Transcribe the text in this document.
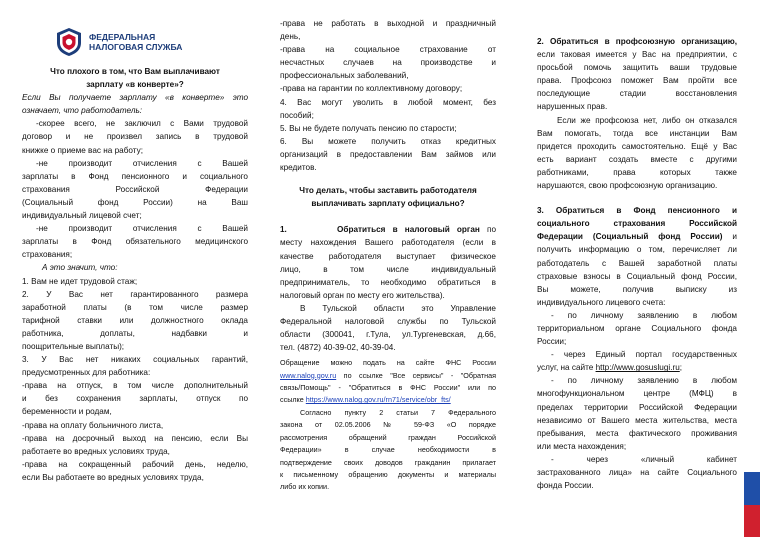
ФЕДЕРАЛЬНАЯ
НАЛОГОВАЯ СЛУЖБА
Что плохого в том, что Вам выплачивают
зарплату «в конверте»?
Если Вы получаете зарплату «в конверте» это
означает, что работодатель:
-скорее всего, не заключил с Вами трудовой
договор и не произвел запись в трудовой
книжке о приеме вас на работу;
-не производит отчисления с Вашей
зарплаты в Фонд пенсионного и социального
страхования Российской Федерации
(Социальный фонд России) на Ваш
индивидуальный лицевой счет;
-не производит отчисления с Вашей
зарплаты в Фонд обязательного медицинского
страхования;
А это значит, что:
1. Вам не идет трудовой стаж;
2. У Вас нет гарантированного размера
заработной платы (в том числе размер
тарифной ставки или должностного оклада
работника, доплаты, надбавки и
поощрительные выплаты);
3. У Вас нет никаких социальных гарантий,
предусмотренных для работника:
-права на отпуск, в том числе дополнительный
и без сохранения зарплаты, отпуск по
беременности и родам,
-права на оплату больничного листа,
-права на досрочный выход на пенсию, если Вы
работаете во вредных условиях труда,
-права на сокращенный рабочий день, неделю,
если Вы работаете во вредных условиях труда,
-права не работать в выходной и праздничный
день,
-права на социальное страхование от
несчастных случаев на производстве и
профессиональных заболеваний,
-права на гарантии по коллективному договору;
4. Вас могут уволить в любой момент, без
пособий;
5. Вы не будете получать пенсию по старости;
6. Вы можете получить отказ кредитных
организаций в предоставлении Вам займов или
кредитов.
Что делать, чтобы заставить работодателя
выплачивать зарплату официально?
1.	Обратиться в налоговый орган по
месту нахождения Вашего работодателя (если в
качестве работодателя выступает физическое
лицо, в том числе индивидуальный
предприниматель, то необходимо обратиться в
налоговый орган по месту его жительства).
В Тульской области это Управление
Федеральной налоговой службы по Тульской
области (300041, г.Тула, ул.Тургеневская, д.66,
тел. (4872) 40-39-02, 40-39-04.
Обращение можно подать на сайте ФНС России
www.nalog.gov.ru по ссылке "Все сервисы" - "Обратная
связь/Помощь" - "Обратиться в ФНС России" или по
ссылке https://www.nalog.gov.ru/rn71/service/obr_fts/
Согласно пункту 2 статьи 7 Федерального
закона от 02.05.2006 № 59-ФЗ «О порядке
рассмотрения обращений граждан Российской
Федерации» в случае необходимости в
подтверждение своих доводов гражданин прилагает
к письменному обращению документы и материалы
либо их копии.
2. Обратиться в профсоюзную организацию,
если таковая имеется у Вас на предприятии, с
просьбой помочь защитить ваши трудовые
права. Профсоюз поможет Вам пройти все
последующие стадии восстановления
нарушенных прав.
Если же профсоюза нет, либо он отказался
Вам помогать, тогда все инстанции Вам
придется проходить самостоятельно. Ещё у Вас
есть вариант создать вместе с другими
работниками, права которых также
нарушаются, свою профсоюзную организацию.
3. Обратиться в Фонд пенсионного и
социального страхования Российской
Федерации (Социальный фонд России) и
получить информацию о том, перечисляет ли
работодатель с Вашей заработной платы
страховые взносы в Социальный фонд России,
Вы можете, получив выписку из
индивидуального лицевого счета:
- по личному заявлению в любом
территориальном органе Социального фонда
России;
- через Единый портал государственных
услуг, на сайте http://www.gosuslugi.ru;
- по личному заявлению в любом
многофункциональном центре (МФЦ) в
пределах территории Российской Федерации
независимо от Вашего места жительства, места
пребывания, места фактического проживания
или места нахождения;
- через «личный кабинет
застрахованного лица» на сайте Социального
фонда России.
